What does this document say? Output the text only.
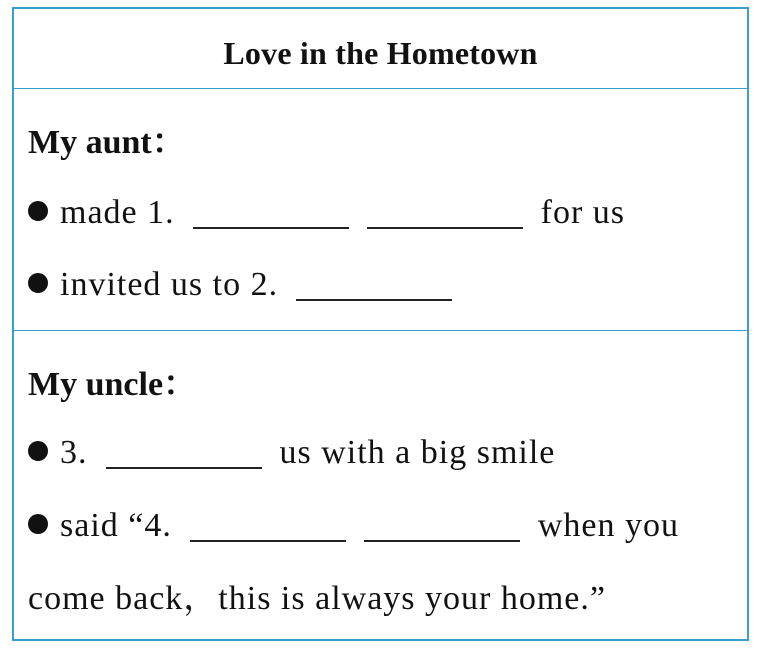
Love in the Hometown
My aunt：
made 1.	for us
invited us to 2.
My uncle：
3.	us with a big smile
said “4.	when you
come back，this is always your home.”
